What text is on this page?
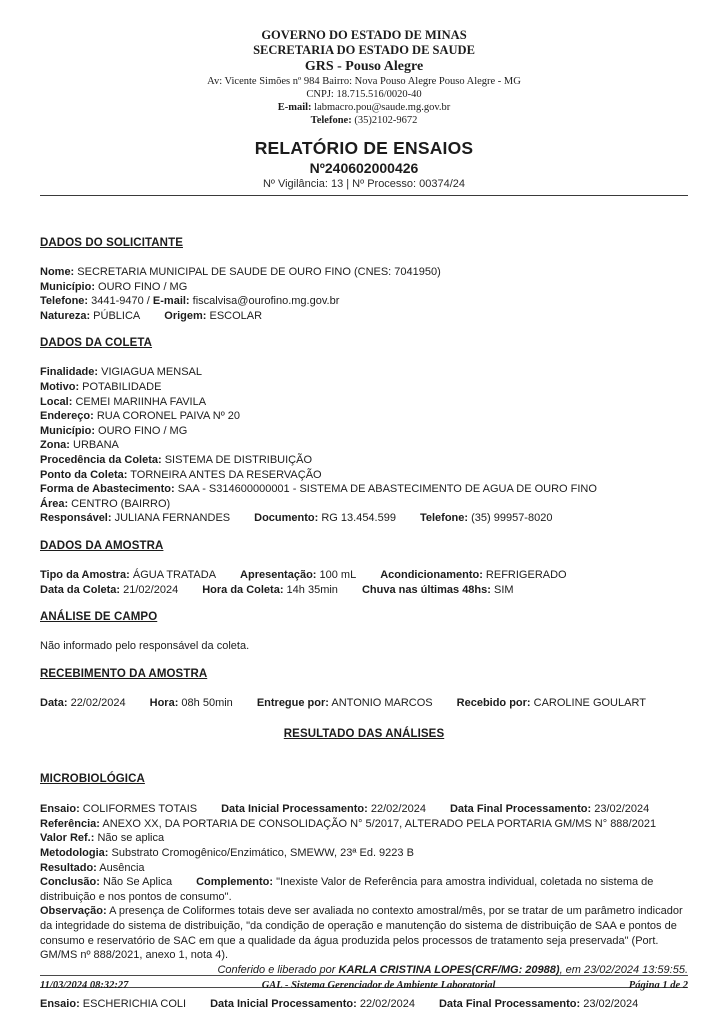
GOVERNO DO ESTADO DE MINAS
SECRETARIA DO ESTADO DE SAUDE
GRS - Pouso Alegre
Av: Vicente Simões nº 984 Bairro: Nova Pouso Alegre Pouso Alegre - MG
CNPJ: 18.715.516/0020-40
E-mail: labmacro.pou@saude.mg.gov.br
Telefone: (35)2102-9672
RELATÓRIO DE ENSAIOS
Nº240602000426
Nº Vigilância: 13 | Nº Processo: 00374/24
DADOS DO SOLICITANTE
Nome: SECRETARIA MUNICIPAL DE SAUDE DE OURO FINO (CNES: 7041950)
Município: OURO FINO / MG
Telefone: 3441-9470 / E-mail: fiscalvisa@ourofino.mg.gov.br
Natureza: PÚBLICA Origem: ESCOLAR
DADOS DA COLETA
Finalidade: VIGIAGUA MENSAL
Motivo: POTABILIDADE
Local: CEMEI MARIINHA FAVILA
Endereço: RUA CORONEL PAIVA Nº 20
Município: OURO FINO / MG
Zona: URBANA
Procedência da Coleta: SISTEMA DE DISTRIBUIÇÃO
Ponto da Coleta: TORNEIRA ANTES DA RESERVAÇÃO
Forma de Abastecimento: SAA - S314600000001 - SISTEMA DE ABASTECIMENTO DE AGUA DE OURO FINO
Área: CENTRO (BAIRRO)
Responsável: JULIANA FERNANDES Documento: RG 13.454.599 Telefone: (35) 99957-8020
DADOS DA AMOSTRA
Tipo da Amostra: ÁGUA TRATADA Apresentação: 100 mL Acondicionamento: REFRIGERADO
Data da Coleta: 21/02/2024 Hora da Coleta: 14h 35min Chuva nas últimas 48hs: SIM
ANÁLISE DE CAMPO
Não informado pelo responsável da coleta.
RECEBIMENTO DA AMOSTRA
Data: 22/02/2024 Hora: 08h 50min Entregue por: ANTONIO MARCOS Recebido por: CAROLINE GOULART
RESULTADO DAS ANÁLISES
MICROBIOLÓGICA
Ensaio: COLIFORMES TOTAIS Data Inicial Processamento: 22/02/2024 Data Final Processamento: 23/02/2024
Referência: ANEXO XX, DA PORTARIA DE CONSOLIDAÇÃO N° 5/2017, ALTERADO PELA PORTARIA GM/MS N° 888/2021Valor Ref.: Não se aplica
Metodologia: Substrato Cromogênico/Enzimático, SMEWW, 23ª Ed. 9223 B
Resultado: Ausência
Conclusão: Não Se Aplica Complemento: "Inexiste Valor de Referência para amostra individual, coletada no sistema de distribuição e nos pontos de consumo".
Observação: A presença de Coliformes totais deve ser avaliada no contexto amostral/mês, por se tratar de um parâmetro indicador da integridade do sistema de distribuição, "da condição de operação e manutenção do sistema de distribuição de SAA e pontos de consumo e reservatório de SAC em que a qualidade da água produzida pelos processos de tratamento seja preservada" (Port. GM/MS nº 888/2021, anexo 1, nota 4).
Conferido e liberado por KARLA CRISTINA LOPES(CRF/MG: 20988), em 23/02/2024 13:59:55.
Ensaio: ESCHERICHIA COLI Data Inicial Processamento: 22/02/2024 Data Final Processamento: 23/02/2024
11/03/2024 08:32:27	GAL - Sistema Gerenciador de Ambiente Laboratorial	Página 1 de 2
